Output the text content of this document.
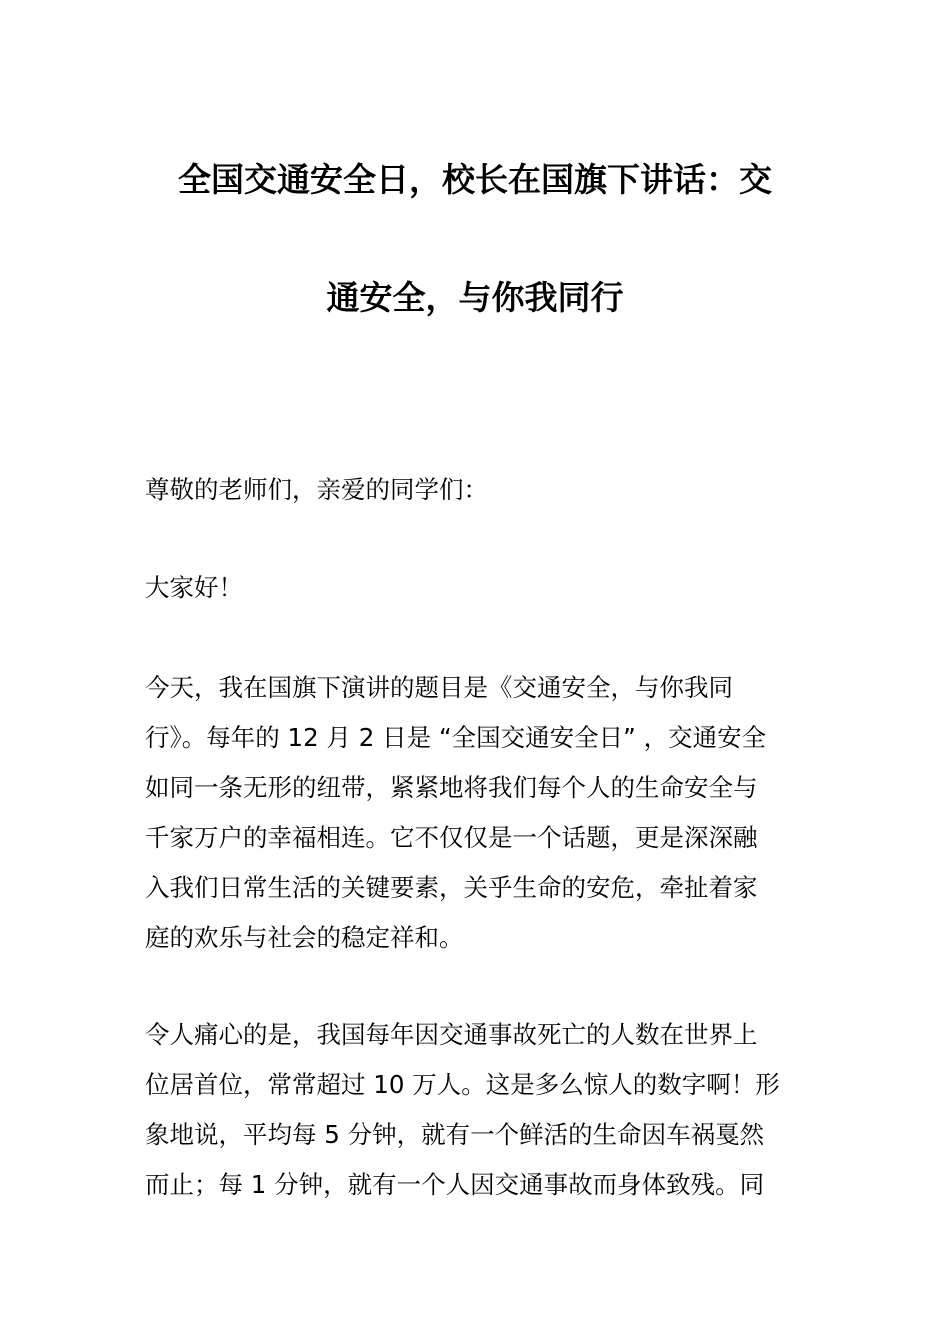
全国交通安全日，校长在国旗下讲话：交
通安全，与你我同行
尊敬的老师们，亲爱的同学们：
大家好！
今天，我在国旗下演讲的题目是《交通安全，与你我同
行》。每年的 12 月 2 日是 “全国交通安全日” ，交通安全
如同一条无形的纽带，紧紧地将我们每个人的生命安全与
千家万户的幸福相连。它不仅仅是一个话题，更是深深融
入我们日常生活的关键要素，关乎生命的安危，牵扯着家
庭的欢乐与社会的稳定祥和。
令人痛心的是，我国每年因交通事故死亡的人数在世界上
位居首位，常常超过 10 万人。这是多么惊人的数字啊！形
象地说，平均每 5 分钟，就有一个鲜活的生命因车祸戛然
而止；每 1 分钟，就有一个人因交通事故而身体致残。同
